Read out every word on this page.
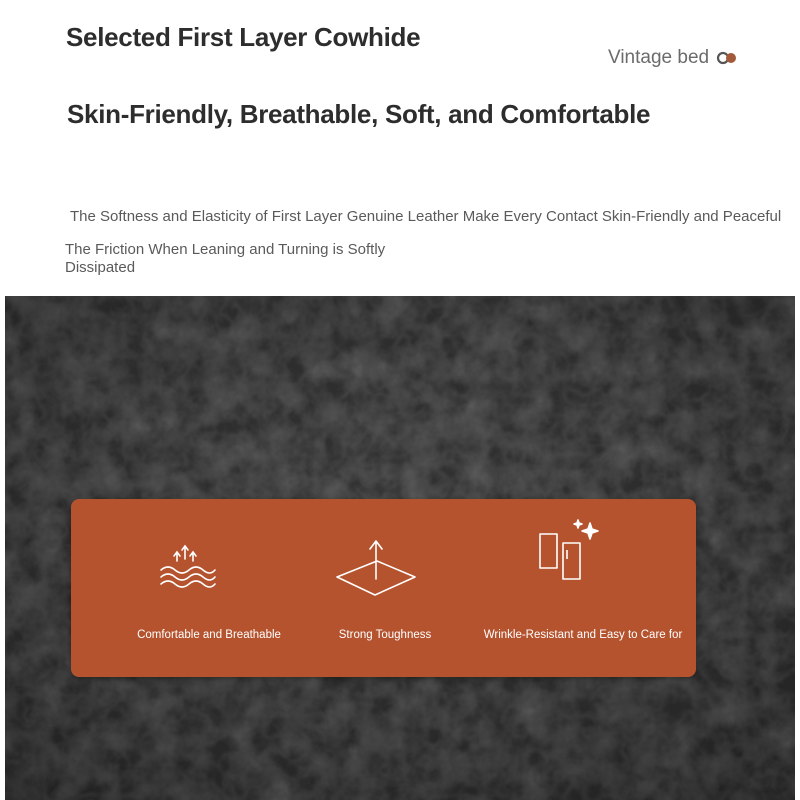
Selected First Layer Cowhide
Skin-Friendly, Breathable, Soft, and Comfortable
Vintage bed
The Softness and Elasticity of First Layer Genuine Leather Make Every Contact Skin-Friendly and Peaceful
The Friction When Leaning and Turning is Softly Dissipated
Comfortable and Breathable	Strong Toughness	Wrinkle-Resistant and Easy to Care for
